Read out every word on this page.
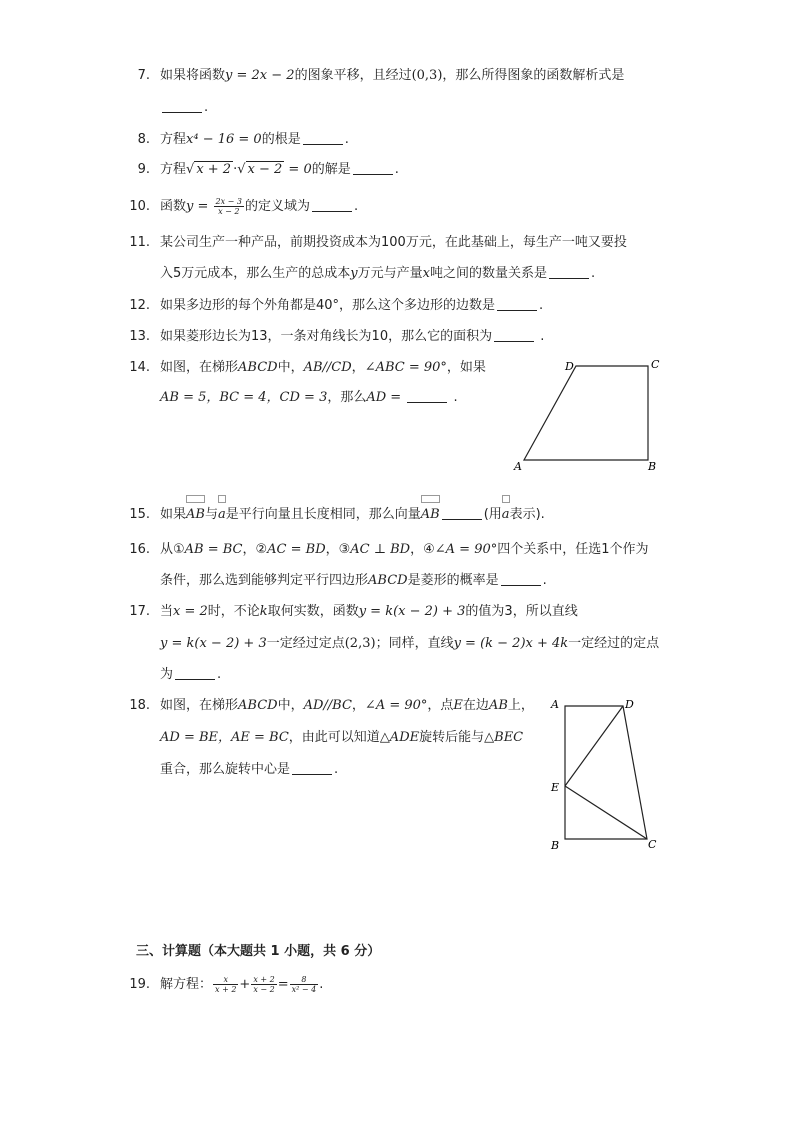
7. 如果将函数y = 2x − 2的图象平移，且经过(0,3)，那么所得图象的函数解析式是
.
8. 方程x⁴ − 16 = 0的根是	.
9. 方程√ x + 2 ·√ x − 2 = 0的解是	.
10. 函数$y = \frac{2x - 3}{x - 2}$ 的定义域为	.
11. 某公司生产一种产品，前期投资成本为100万元，在此基础上，每生产一吨又要投
入5万元成本，那么生产的总成本y万元与产量x吨之间的数量关系是	.
12. 如果多边形的每个外角都是40°，那么这个多边形的边数是	.
13. 如果菱形边长为13，一条对角线长为10，那么它的面积为	.
14. 如图，在梯形ABCD中，AB//CD，∠ABC = 90°，如果
AB = 5，BC = 4，CD = 3，那么AD =	.
A	B
C
D
15. 如果
AB与
a是平行向量且长度相同，那么向量
AB	(用
a表示).
16. 从①AB = BC，②AC = BD，③AC ⊥ BD，④∠A = 90°四个关系中，任选1个作为
条件，那么选到能够判定平行四边形ABCD是菱形的概率是	.
17. 当x = 2时，不论k取何实数，函数y = k(x − 2) + 3的值为3，所以直线
y = k(x − 2) + 3一定经过定点(2,3)；同样，直线y = (k − 2)x + 4k一定经过的定点
为	.
18. 如图，在梯形ABCD中，AD//BC，∠A = 90°，点E在边AB上，
AD = BE，AE = BC，由此可以知道△ADE旋转后能与△BEC
重合，那么旋转中心是	.
A	D
E
B	C
三、计算题（本大题共 1 小题，共 6 分）
19. 解方程： $\frac{x}{x + 2} + \frac{x + 2}{x - 2} = \frac{8}{\text{x² − 4}}$ .
